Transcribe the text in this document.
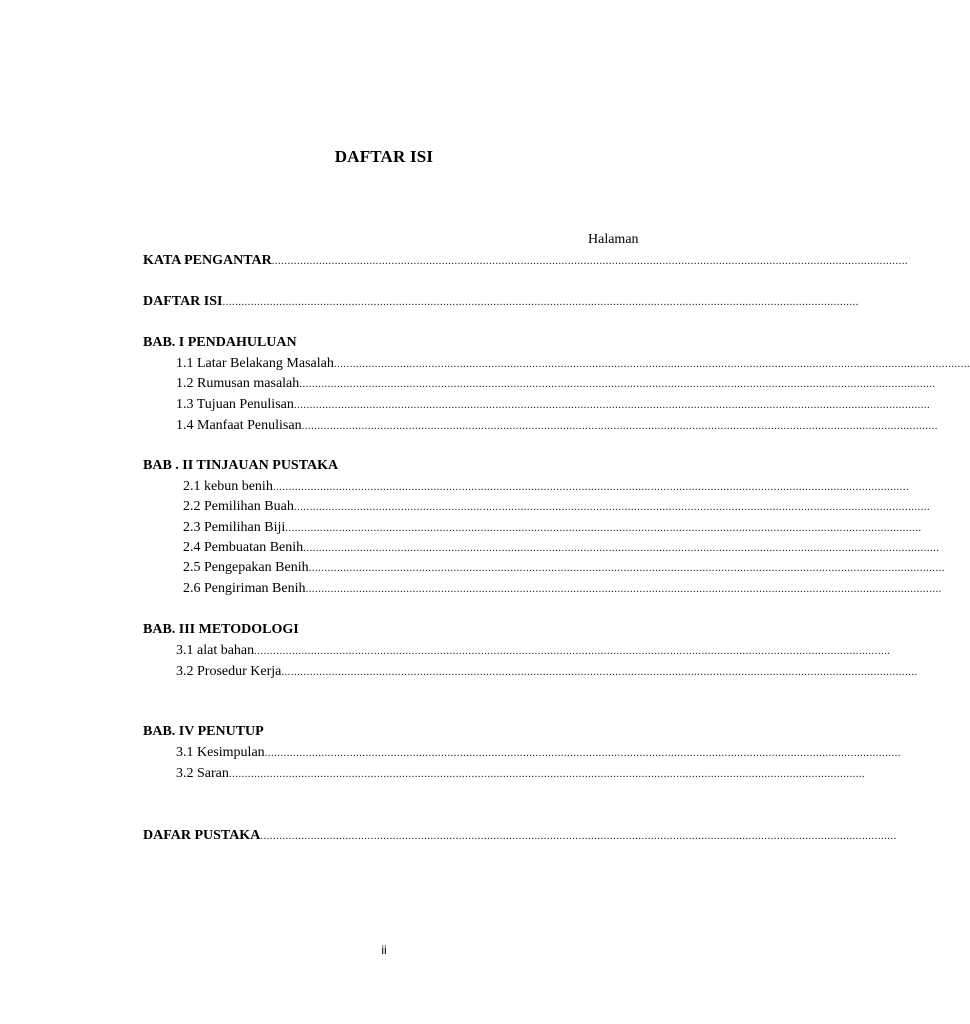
DAFTAR ISI
Halaman
KATA PENGANTAR ..........................................................................................................................................................................................................
DAFTAR ISI ..........................................................................................................................................................................................................
BAB. I PENDAHULUAN
1.1 Latar Belakang Masalah ..........................................................................................................................................................................................................
1.2 Rumusan masalah ..........................................................................................................................................................................................................
1.3 Tujuan Penulisan ..........................................................................................................................................................................................................
1.4 Manfaat Penulisan ..........................................................................................................................................................................................................
BAB . II TINJAUAN PUSTAKA
2.1 kebun benih ..........................................................................................................................................................................................................
2.2 Pemilihan Buah ..........................................................................................................................................................................................................
2.3 Pemilihan Biji ..........................................................................................................................................................................................................
2.4 Pembuatan Benih ..........................................................................................................................................................................................................
2.5 Pengepakan Benih ..........................................................................................................................................................................................................
2.6 Pengiriman Benih ..........................................................................................................................................................................................................
BAB. III METODOLOGI
3.1 alat bahan ..........................................................................................................................................................................................................
3.2 Prosedur Kerja ..........................................................................................................................................................................................................
BAB. IV PENUTUP
3.1 Kesimpulan ..........................................................................................................................................................................................................
3.2 Saran ..........................................................................................................................................................................................................
DAFAR PUSTAKA ..........................................................................................................................................................................................................
ii
